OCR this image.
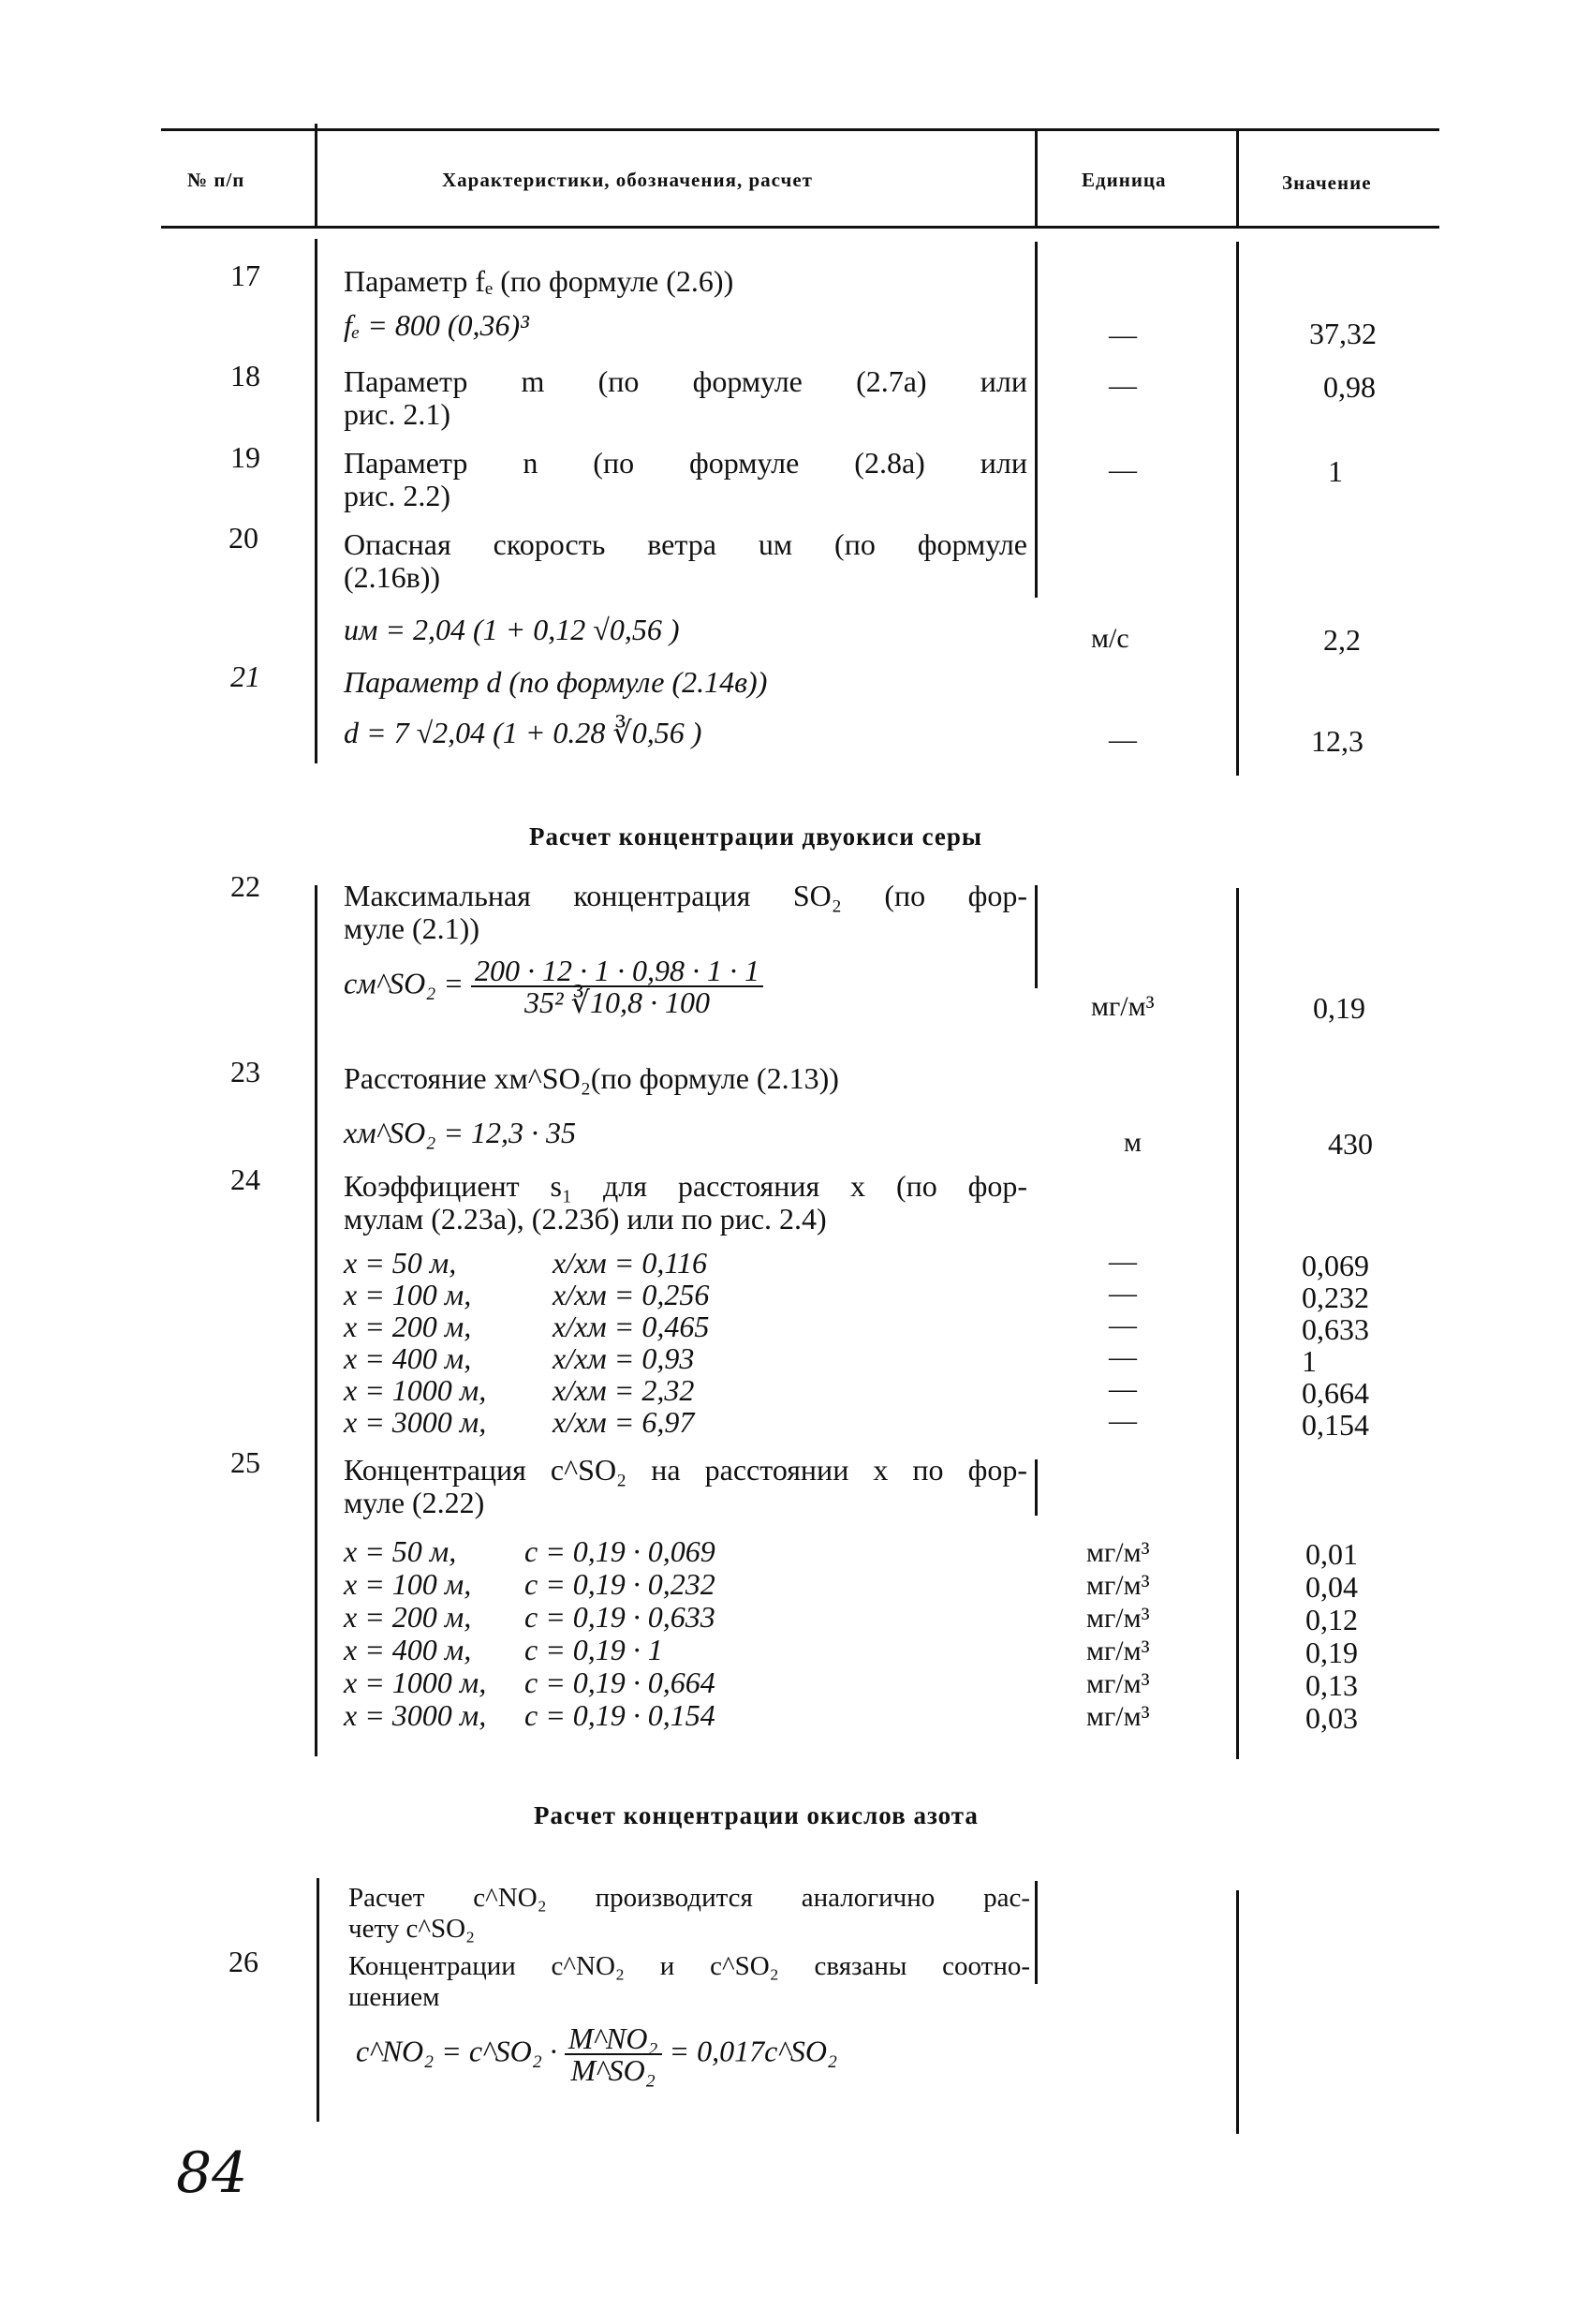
№ п/п	Характеристики, обозначения, расчет	Единица	Значение
17	Параметр fₑ (по формуле (2.6))
fₑ = 800 (0,36)³	—	37,32
18	Параметр m (по формуле (2.7а) или
рис. 2.1)
—	0,98
19	Параметр n (по формуле (2.8а) или
рис. 2.2)
—	1
20	Опасная скорость ветра uм (по формуле
(2.16в))
uм = 2,04 (1 + 0,12 √0,56 )	м/с	2,2
21	Параметр d (по формуле (2.14в))
d = 7 √2,04 (1 + 0.28 ∛0,56 )	—	12,3
Расчет концентрации двуокиси серы
22	Максимальная концентрация SO₂ (по фор-
муле (2.1))
cм^SO₂ = $\frac{200 \cdot 12 \cdot 1 \cdot 0,98 \cdot 1 \cdot 1}{\text{35² ∛10,8 · 100}}$	мг/м³	0,19
23	Расстояние xм^SO₂(по формуле (2.13))
xм^SO₂ = 12,3 · 35	м	430
24	Коэффициент s₁ для расстояния x (по фор-
мулам (2.23а), (2.23б) или по рис. 2.4)
x = 50 м,	x/xм = 0,116	—	0,069
x = 100 м,	x/xм = 0,256	—	0,232
x = 200 м,	x/xм = 0,465	—	0,633
x = 400 м,	x/xм = 0,93	—	1
x = 1000 м, x/xм = 2,32	—	0,664
x = 3000 м, x/xм = 6,97	—	0,154
25	Концентрация c^SO₂ на расстоянии x по фор-
муле (2.22)
x = 50 м, c = 0,19 · 0,069	мг/м³	0,01
x = 100 м, c = 0,19 · 0,232	мг/м³	0,04
x = 200 м, c = 0,19 · 0,633	мг/м³	0,12
x = 400 м, c = 0,19 · 1	мг/м³	0,19
x = 1000 м, c = 0,19 · 0,664	мг/м³	0,13
x = 3000 м, c = 0,19 · 0,154	мг/м³	0,03
Расчет концентрации окислов азота
Расчет c^NO₂ производится аналогично рас-
чету c^SO₂
26	Концентрации c^NO₂ и c^SO₂ связаны соотно-
шением
c^NO₂ = c^SO₂ · $\frac{\text{M\textasciicircum{}NO₂}}{\text{M\textasciicircum{}SO₂}}$ = 0,017c^SO₂
84
